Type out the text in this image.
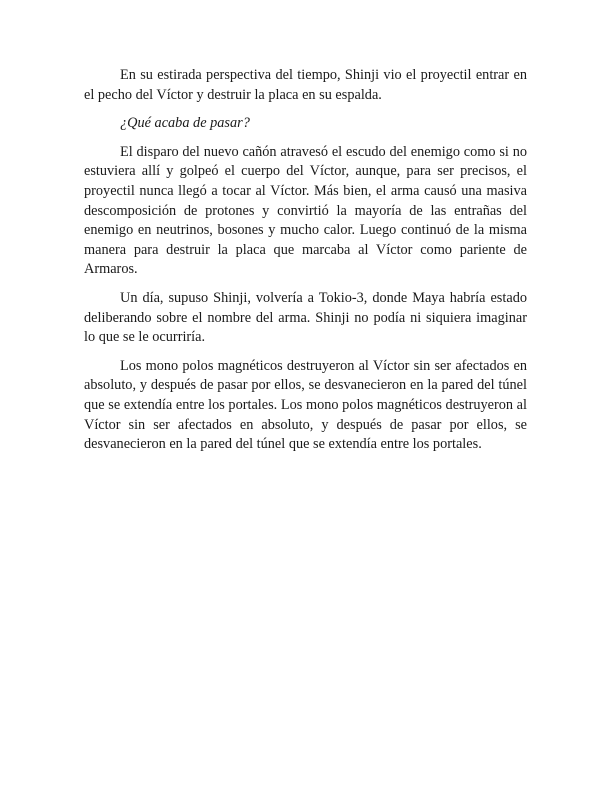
En su estirada perspectiva del tiempo, Shinji vio el proyectil entrar en el pecho del Víctor y destruir la placa en su espalda.

¿Qué acaba de pasar?

El disparo del nuevo cañón atravesó el escudo del enemigo como si no estuviera allí y golpeó el cuerpo del Víctor, aunque, para ser precisos, el proyectil nunca llegó a tocar al Víctor. Más bien, el arma causó una masiva descomposición de protones y convirtió la mayoría de las entrañas del enemigo en neutrinos, bosones y mucho calor. Luego continuó de la misma manera para destruir la placa que marcaba al Víctor como pariente de Armaros.

Un día, supuso Shinji, volvería a Tokio-3, donde Maya habría estado deliberando sobre el nombre del arma. Shinji no podía ni siquiera imaginar lo que se le ocurriría.

Los mono polos magnéticos destruyeron al Víctor sin ser afectados en absoluto, y después de pasar por ellos, se desvanecieron en la pared del túnel que se extendía entre los portales. Los mono polos magnéticos destruyeron al Víctor sin ser afectados en absoluto, y después de pasar por ellos, se desvanecieron en la pared del túnel que se extendía entre los portales.
